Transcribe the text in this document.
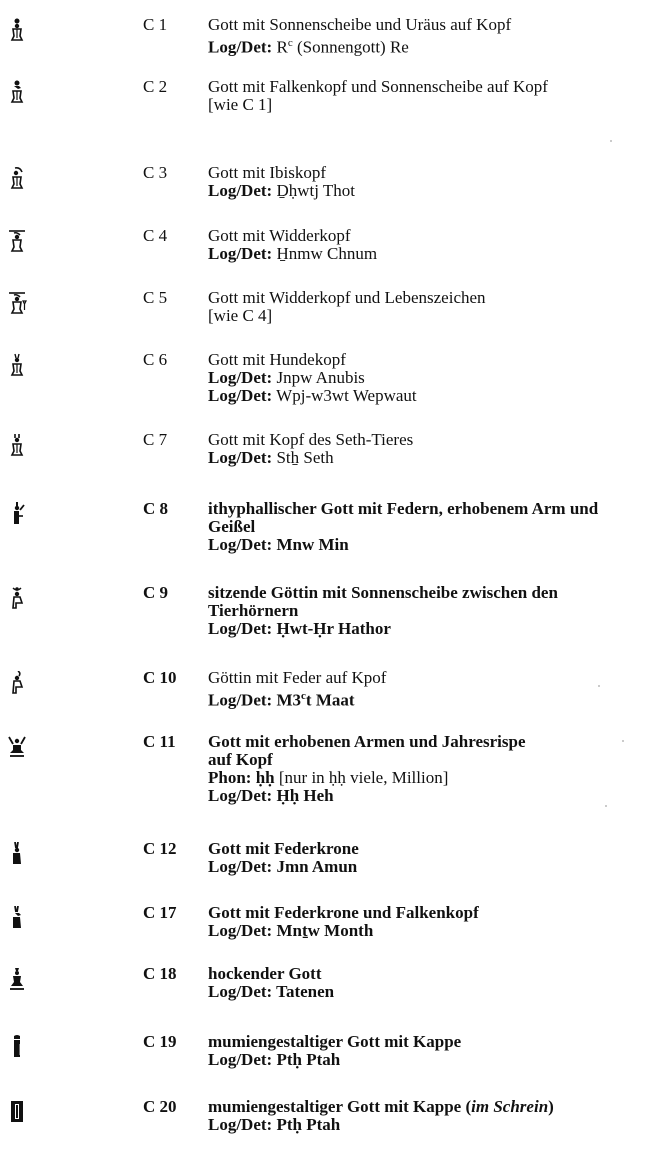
C 1 Gott mit Sonnenscheibe und Uräus auf Kopf
Log/Det: $R^c$ (Sonnengott) Re
C 2 Gott mit Falkenkopf und Sonnenscheibe auf Kopf
[wie C 1]
C 3 Gott mit Ibiskopf
Log/Det: Ḏḥwtj Thot
C 4 Gott mit Widderkopf
Log/Det: H̱nmw Chnum
C 5 Gott mit Widderkopf und Lebenszeichen
[wie C 4]
C 6 Gott mit Hundekopf
Log/Det: Jnpw Anubis
Log/Det: Wpj-w3wt Wepwaut
C 7 Gott mit Kopf des Seth-Tieres
Log/Det: Stẖ Seth
C 8 ithyphallischer Gott mit Federn, erhobenem Arm und Geißel
Log/Det: Mnw Min
C 9 sitzende Göttin mit Sonnenscheibe zwischen den Tierhörnern
Log/Det: Ḥwt-Ḥr Hathor
C 10 Göttin mit Feder auf Kpof
Log/Det: M3$^c$t Maat
C 11 Gott mit erhobenen Armen und Jahresrispe auf Kopf
Phon: ḥḥ [nur in ḥḥ viele, Million]
Log/Det: Ḥḥ Heh
C 12 Gott mit Federkrone
Log/Det: Jmn Amun
C 17 Gott mit Federkrone und Falkenkopf
Log/Det: Mnṯw Month
C 18 hockender Gott
Log/Det: Tatenen
C 19 mumiengestaltiger Gott mit Kappe
Log/Det: Ptḥ Ptah
C 20 mumiengestaltiger Gott mit Kappe (im Schrein)
Log/Det: Ptḥ Ptah
